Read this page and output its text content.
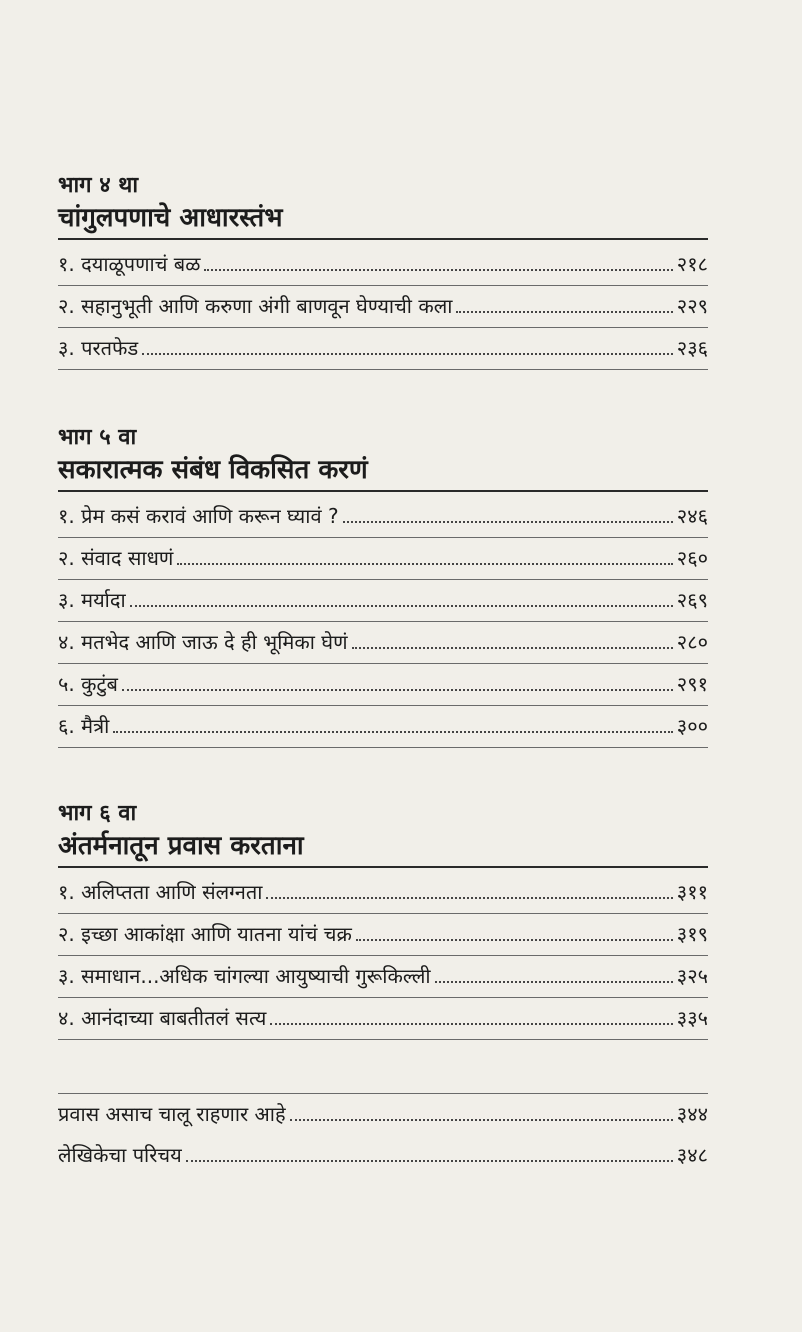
भाग ४ था
चांगुलपणाचे आधारस्तंभ
१. दयाळूपणाचं बळ	२१८
२. सहानुभूती आणि करुणा अंगी बाणवून घेण्याची कला	२२९
३. परतफेड	२३६
भाग ५ वा
सकारात्मक संबंध विकसित करणं
१. प्रेम कसं करावं आणि करून घ्यावं ?	२४६
२. संवाद साधणं	२६०
३. मर्यादा	२६९
४. मतभेद आणि जाऊ दे ही भूमिका घेणं	२८०
५. कुटुंब	२९१
६. मैत्री	३००
भाग ६ वा
अंतर्मनातून प्रवास करताना
१. अलिप्तता आणि संलग्नता	३११
२. इच्छा आकांक्षा आणि यातना यांचं चक्र	३१९
३. समाधान...अधिक चांगल्या आयुष्याची गुरूकिल्ली	३२५
४. आनंदाच्या बाबतीतलं सत्य	३३५
प्रवास असाच चालू राहणार आहे	३४४
लेखिकेचा परिचय	३४८
